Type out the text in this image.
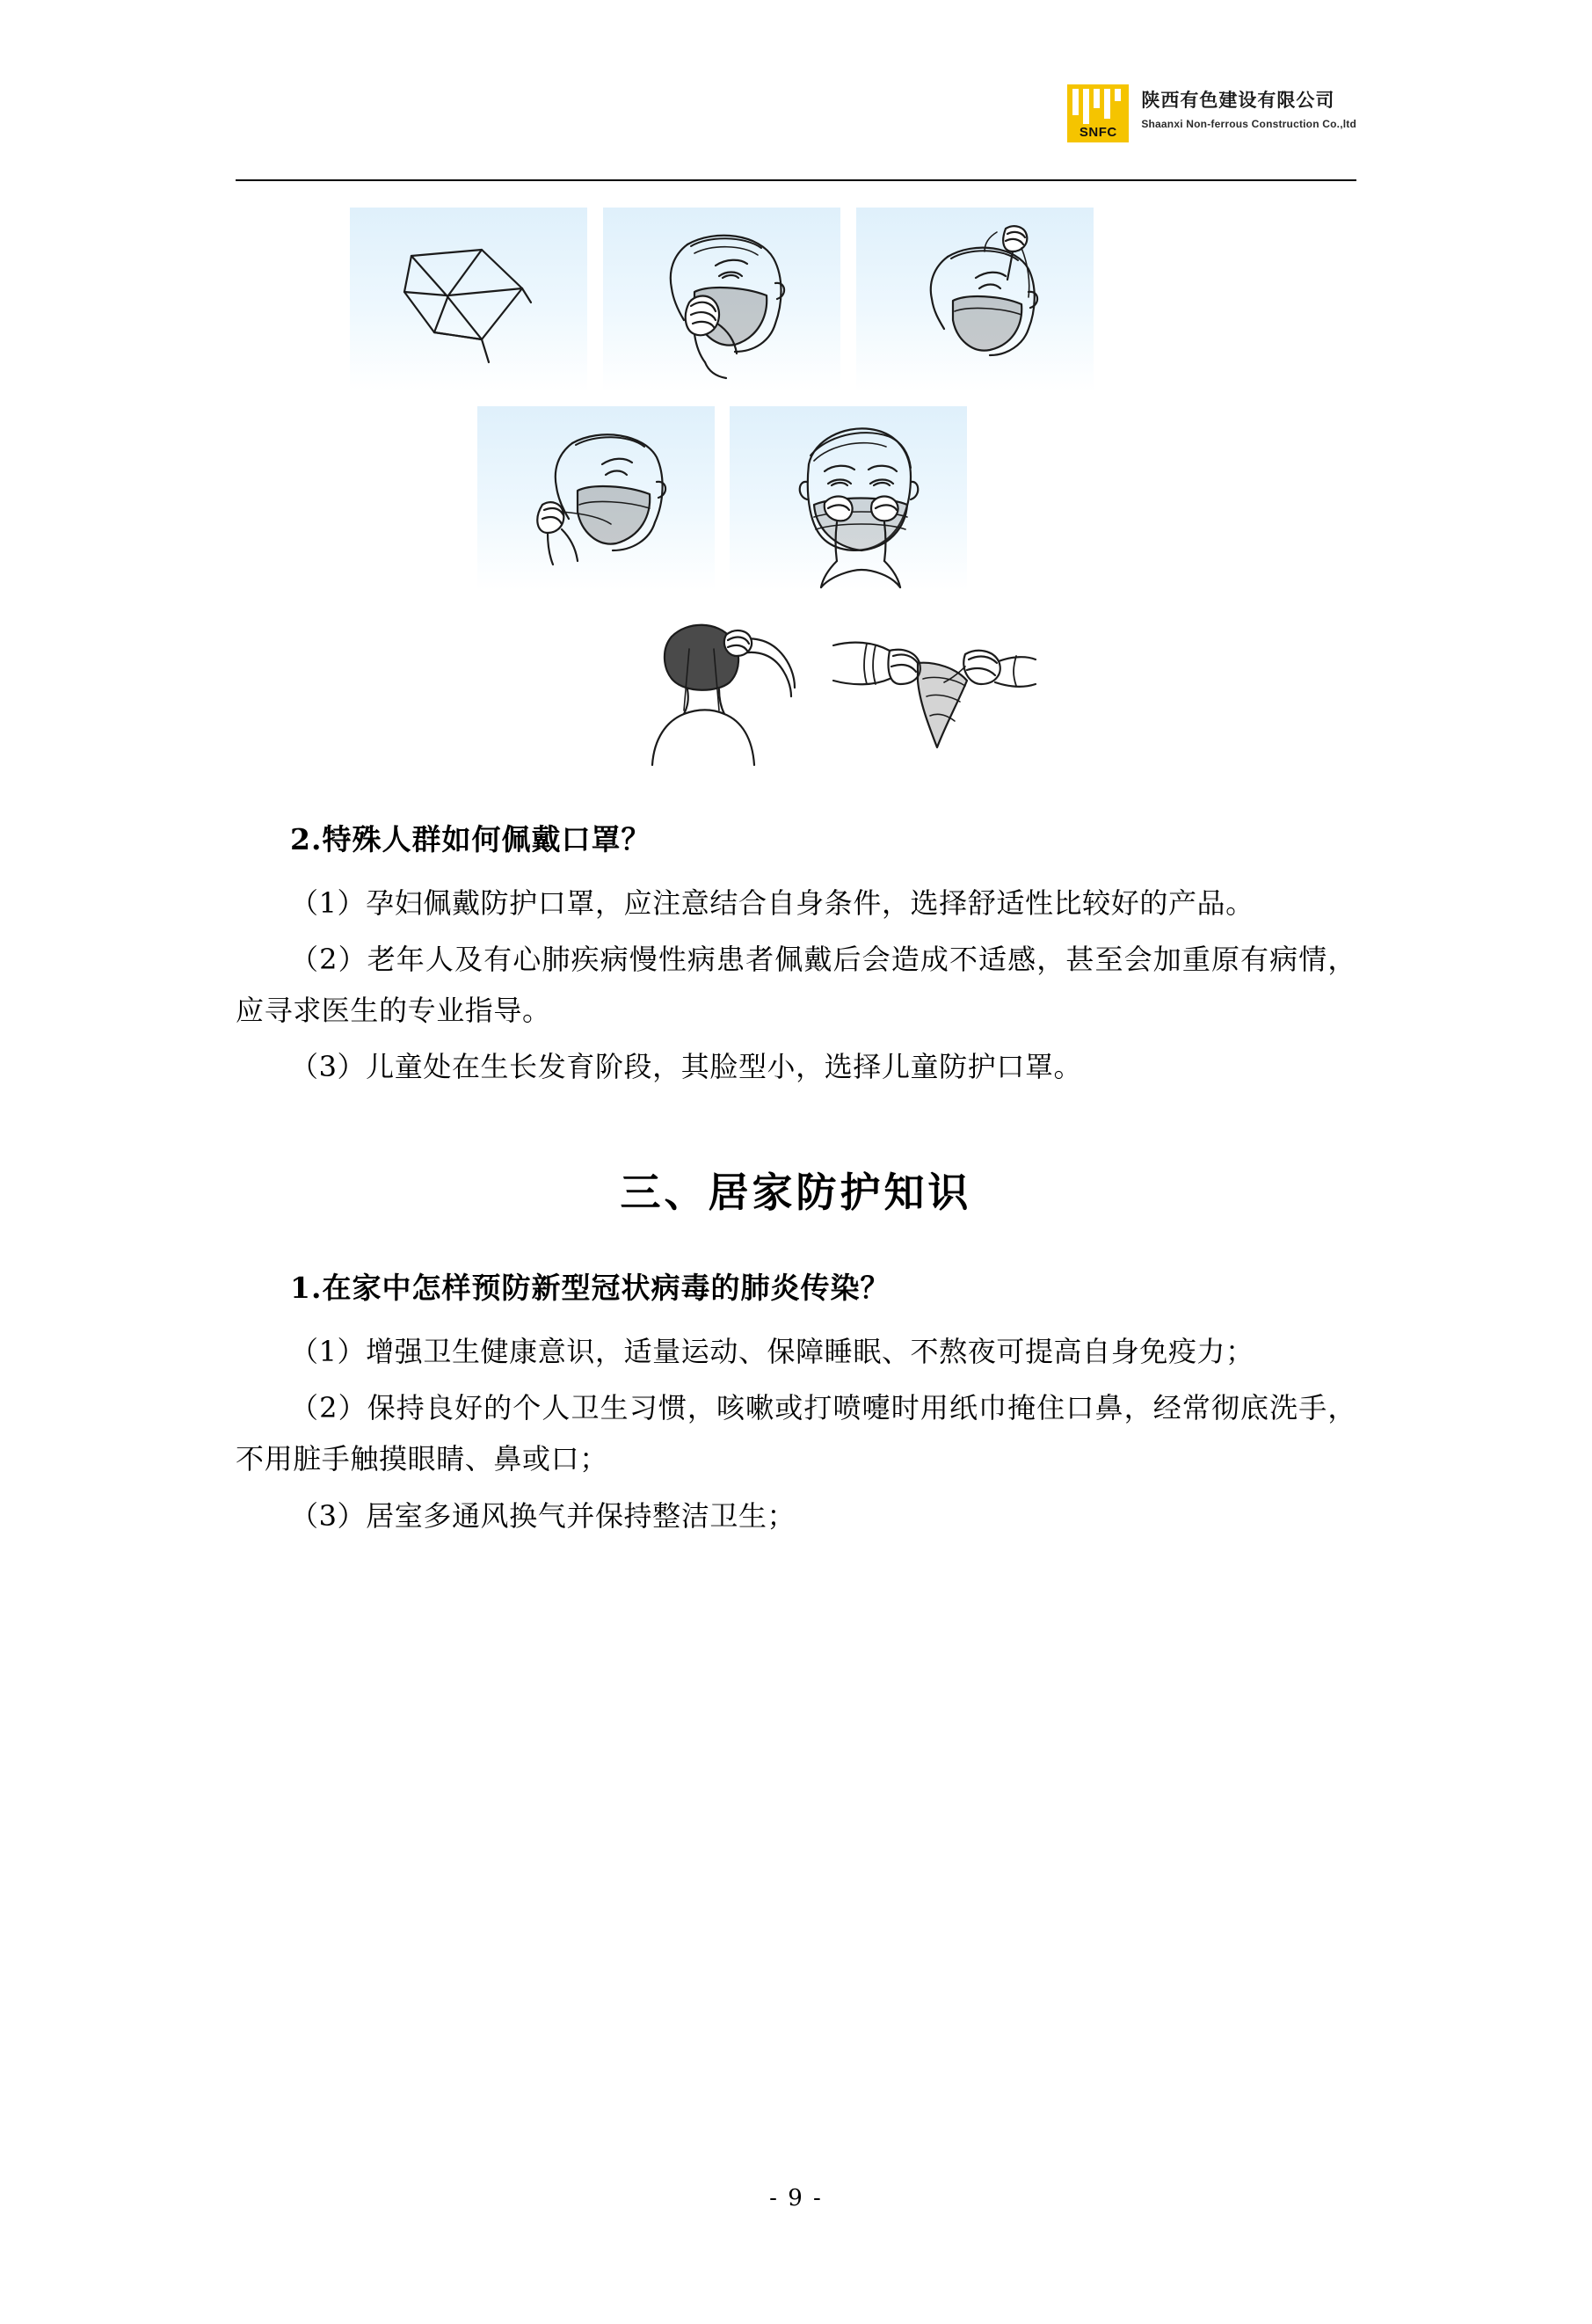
SNFC
陕西有色建设有限公司
Shaanxi Non-ferrous Construction Co.,ltd
2.特殊人群如何佩戴口罩？

（1）孕妇佩戴防护口罩，应注意结合自身条件，选择舒适性比较好的产品。

（2）老年人及有心肺疾病慢性病患者佩戴后会造成不适感，甚至会加重原有病情，应寻求医生的专业指导。

（3）儿童处在生长发育阶段，其脸型小，选择儿童防护口罩。

三、居家防护知识
1.在家中怎样预防新型冠状病毒的肺炎传染？

（1）增强卫生健康意识，适量运动、保障睡眠、不熬夜可提高自身免疫力；

（2）保持良好的个人卫生习惯，咳嗽或打喷嚏时用纸巾掩住口鼻，经常彻底洗手，不用脏手触摸眼睛、鼻或口；

（3）居室多通风换气并保持整洁卫生；

- 9 -
